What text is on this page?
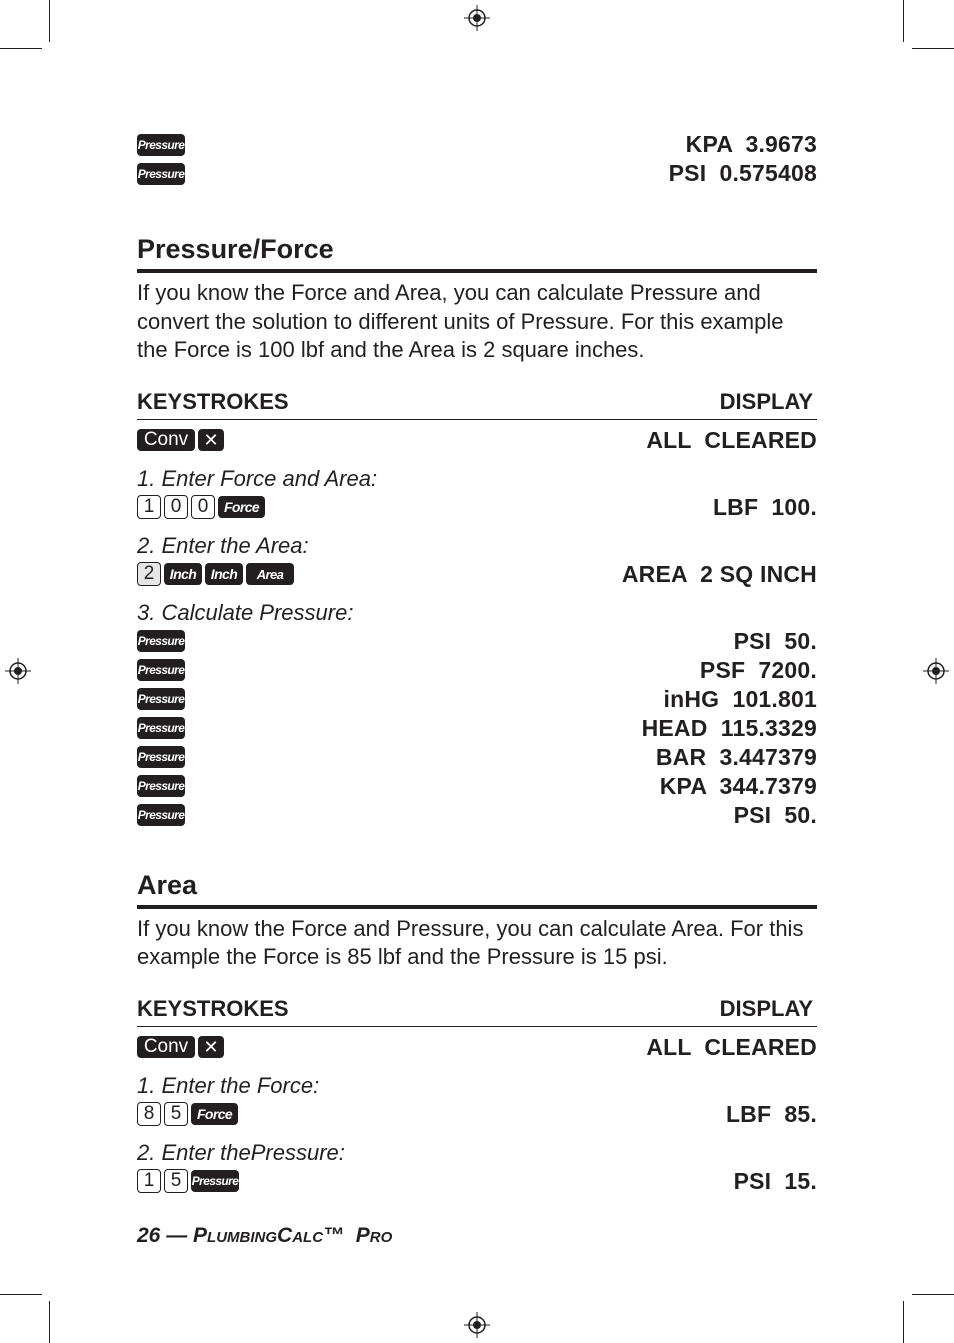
Pressure	KPA  3.9673
Pressure	PSI  0.575408
Pressure/Force
If you know the Force and Area, you can calculate Pressure and convert the solution to different units of Pressure. For this example the Force is 100 lbf and the Area is 2 square inches.
KEYSTROKES	DISPLAY
Conv ✕	ALL  CLEARED
1. Enter Force and Area:
1 0 0	Force	LBF  100.
2. Enter the Area:
2	Inch	Inch	Area	AREA  2 SQ INCH
3. Calculate Pressure:
Pressure	PSI  50.
Pressure	PSF  7200.
Pressure	inHG  101.801
Pressure	HEAD  115.3329
Pressure	BAR  3.447379
Pressure	KPA  344.7379
Pressure	PSI  50.
Area
If you know the Force and Pressure, you can calculate Area. For this example the Force is 85 lbf and the Pressure is 15 psi.
KEYSTROKES	DISPLAY
Conv ✕	ALL  CLEARED
1. Enter the Force:
8 5	Force	LBF  85.
2. Enter thePressure:
1 5 Pressure	PSI  15.
26 — PLUMBINGCALC™  PRO
